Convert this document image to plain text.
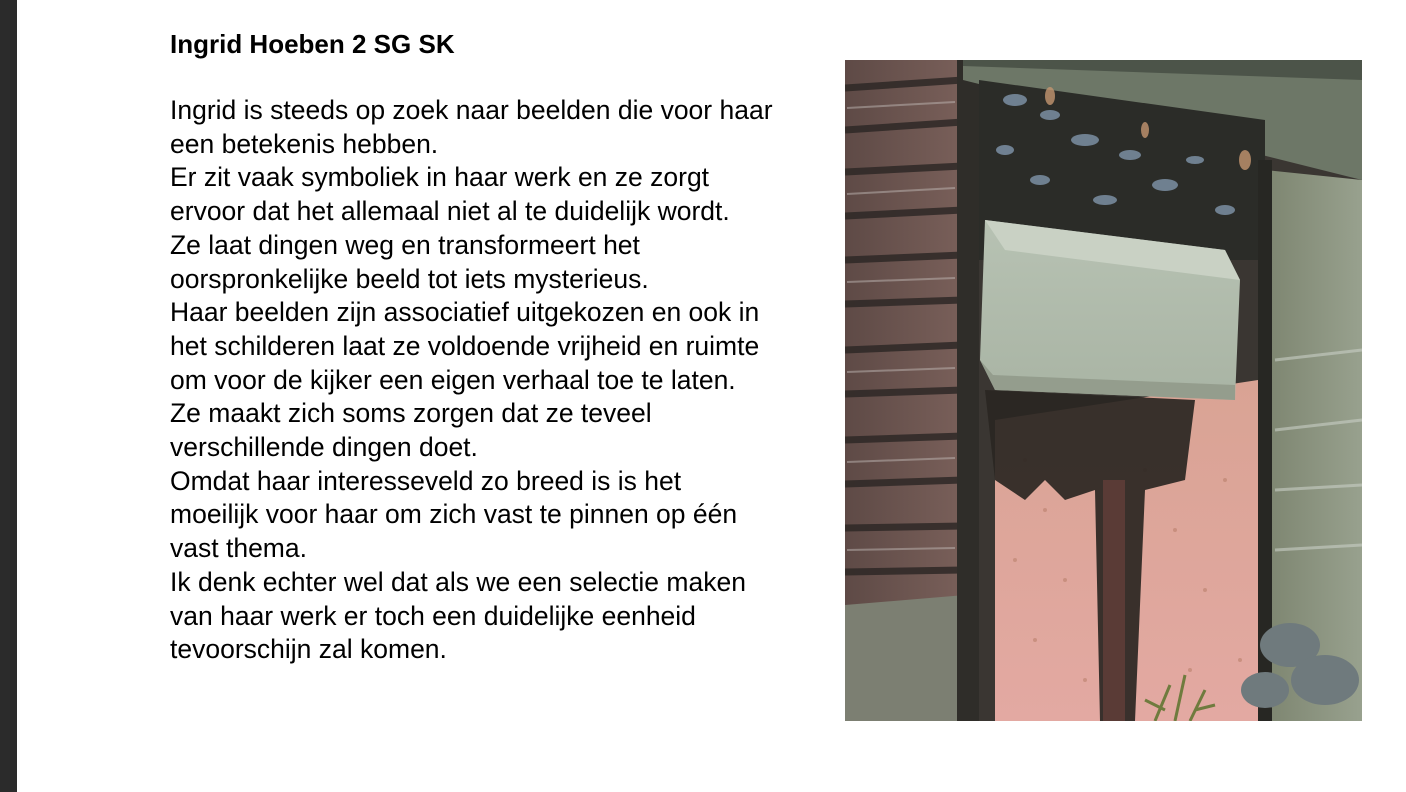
Ingrid Hoeben 2 SG SK
Ingrid is steeds op zoek naar beelden die voor haar
een betekenis hebben.
Er zit vaak symboliek in haar werk en ze zorgt
ervoor dat het allemaal niet al te duidelijk wordt.
Ze laat dingen weg en transformeert het
oorspronkelijke beeld tot iets mysterieus.
Haar beelden zijn associatief uitgekozen en ook in
het schilderen laat ze voldoende vrijheid en ruimte
om voor de kijker een eigen verhaal toe te laten.
Ze maakt zich soms zorgen dat ze teveel
verschillende dingen doet.
Omdat haar interesseveld zo breed is is het
moeilijk voor haar om zich vast te pinnen op één
vast thema.
Ik denk echter wel dat als we een selectie maken
van haar werk er toch een duidelijke eenheid
tevoorschijn zal komen.
